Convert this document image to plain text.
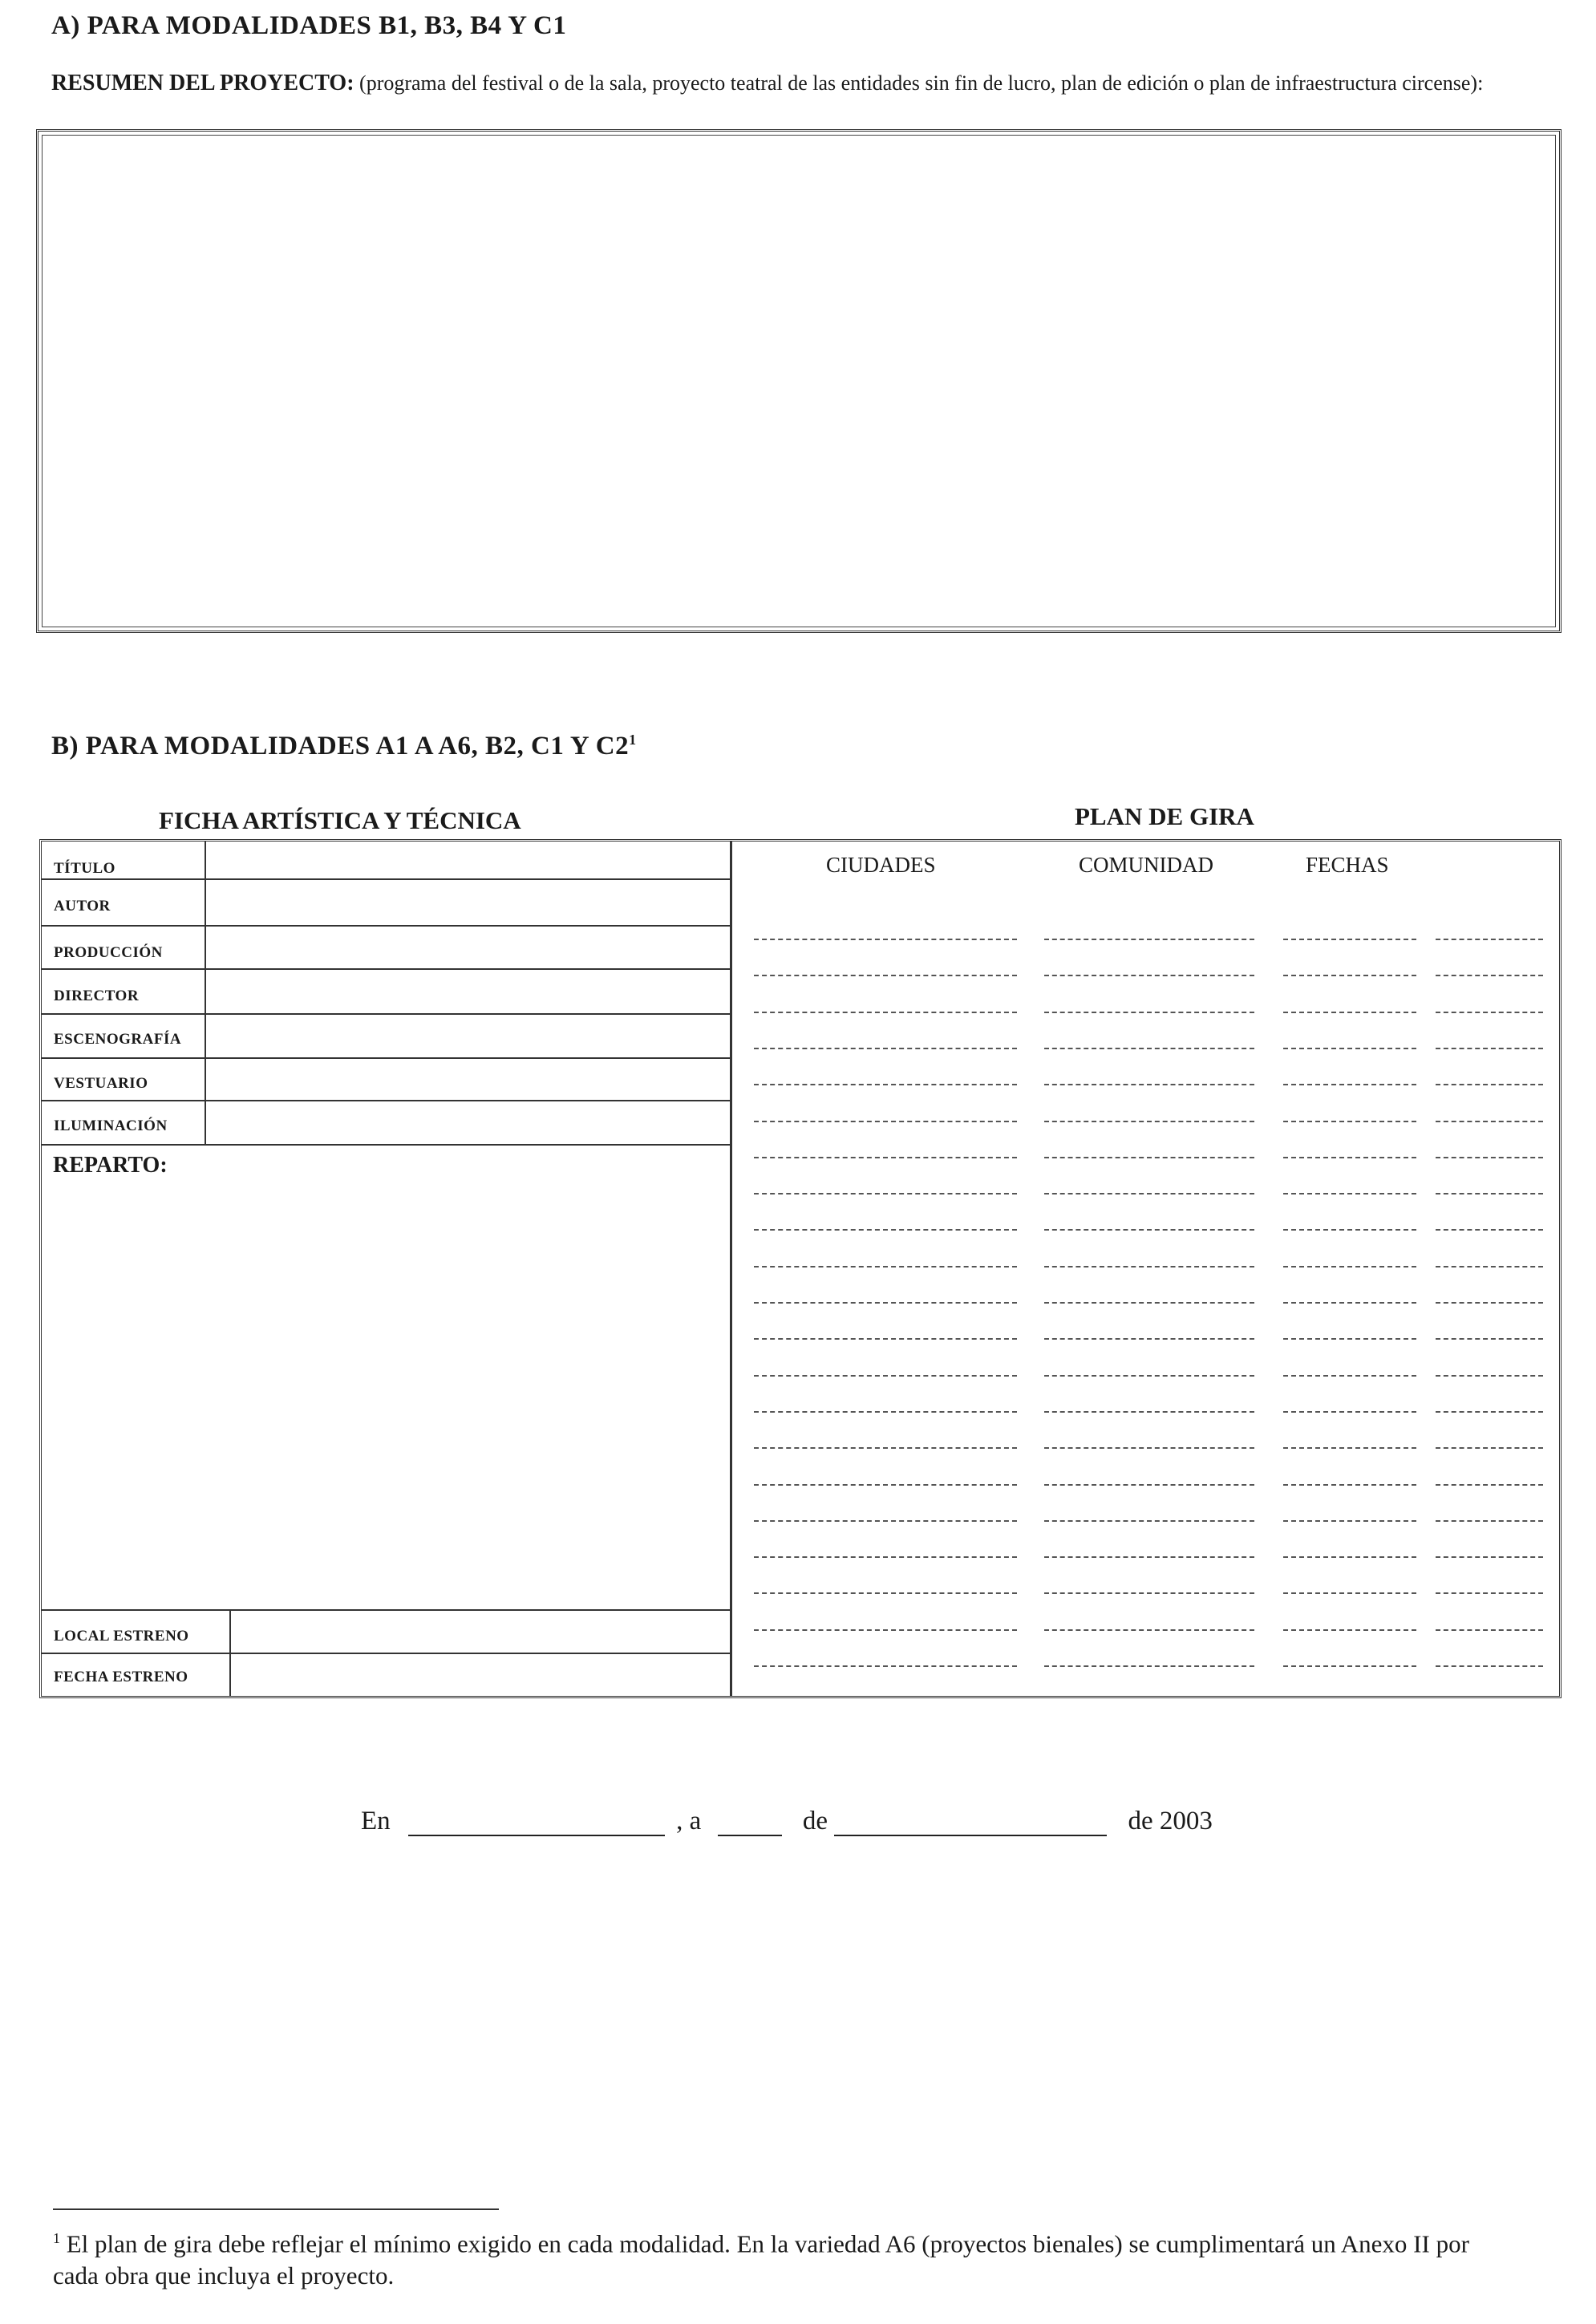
A) PARA MODALIDADES B1, B3, B4 Y C1
RESUMEN DEL PROYECTO: (programa del festival o de la sala, proyecto teatral de las entidades sin fin de lucro, plan de edición o plan de infraestructura circense):
B) PARA MODALIDADES A1 A A6, B2, C1 Y $C2^1$
FICHA ARTÍSTICA Y TÉCNICA	PLAN DE GIRA
TÍTULO
AUTOR
PRODUCCIÓN
DIRECTOR
ESCENOGRAFÍA
VESTUARIO
ILUMINACIÓN
REPARTO:
LOCAL ESTRENO
FECHA ESTRENO
CIUDADES	COMUNIDAD	FECHAS
En	, a	de	de 2003
$^1$ El plan de gira debe reflejar el mínimo exigido en cada modalidad. En la variedad A6 (proyectos bienales) se cumplimentará un Anexo II por cada obra que incluya el proyecto.
